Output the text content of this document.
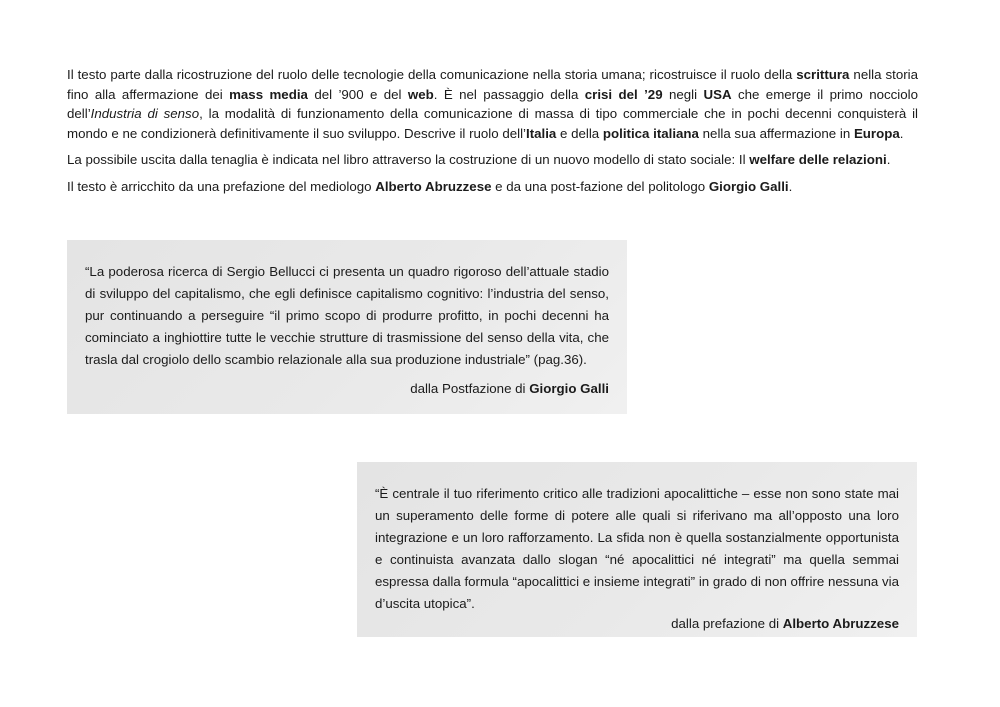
Il testo parte dalla ricostruzione del ruolo delle tecnologie della comunicazione nella storia umana; ricostruisce il ruolo della scrittura nella storia fino alla affermazione dei mass media del ’900 e del web. È nel passaggio della crisi del ’29 negli USA che emerge il primo nocciolo dell’Industria di senso, la modalità di funzionamento della comunicazione di massa di tipo commerciale che in pochi decenni conquisterà il mondo e ne condizionerà definitivamente il suo sviluppo. Descrive il ruolo dell’Italia e della politica italiana nella sua affermazione in Europa.

La possibile uscita dalla tenaglia è indicata nel libro attraverso la costruzione di un nuovo modello di stato sociale: Il welfare delle relazioni.

Il testo è arricchito da una prefazione del mediologo Alberto Abruzzese e da una post-fazione del politologo Giorgio Galli.

“La poderosa ricerca di Sergio Bellucci ci presenta un quadro rigoroso dell’attuale stadio di sviluppo del capitalismo, che egli definisce capitalismo cognitivo: l’industria del senso, pur continuando a perseguire “il primo scopo di produrre profitto, in pochi decenni ha cominciato a inghiottire tutte le vecchie strutture di trasmissione del senso della vita, che trasla dal crogiolo dello scambio relazionale alla sua produzione industriale” (pag.36).

dalla Postfazione di Giorgio Galli

“È centrale il tuo riferimento critico alle tradizioni apocalittiche – esse non sono state mai un superamento delle forme di potere alle quali si riferivano ma all’opposto una loro integrazione e un loro rafforzamento. La sfida non è quella sostanzialmente opportunista e continuista avanzata dallo slogan “né apocalittici né integrati” ma quella semmai espressa dalla formula “apocalittici e insieme integrati” in grado di non offrire nessuna via d’uscita utopica”.

dalla prefazione di Alberto Abruzzese
